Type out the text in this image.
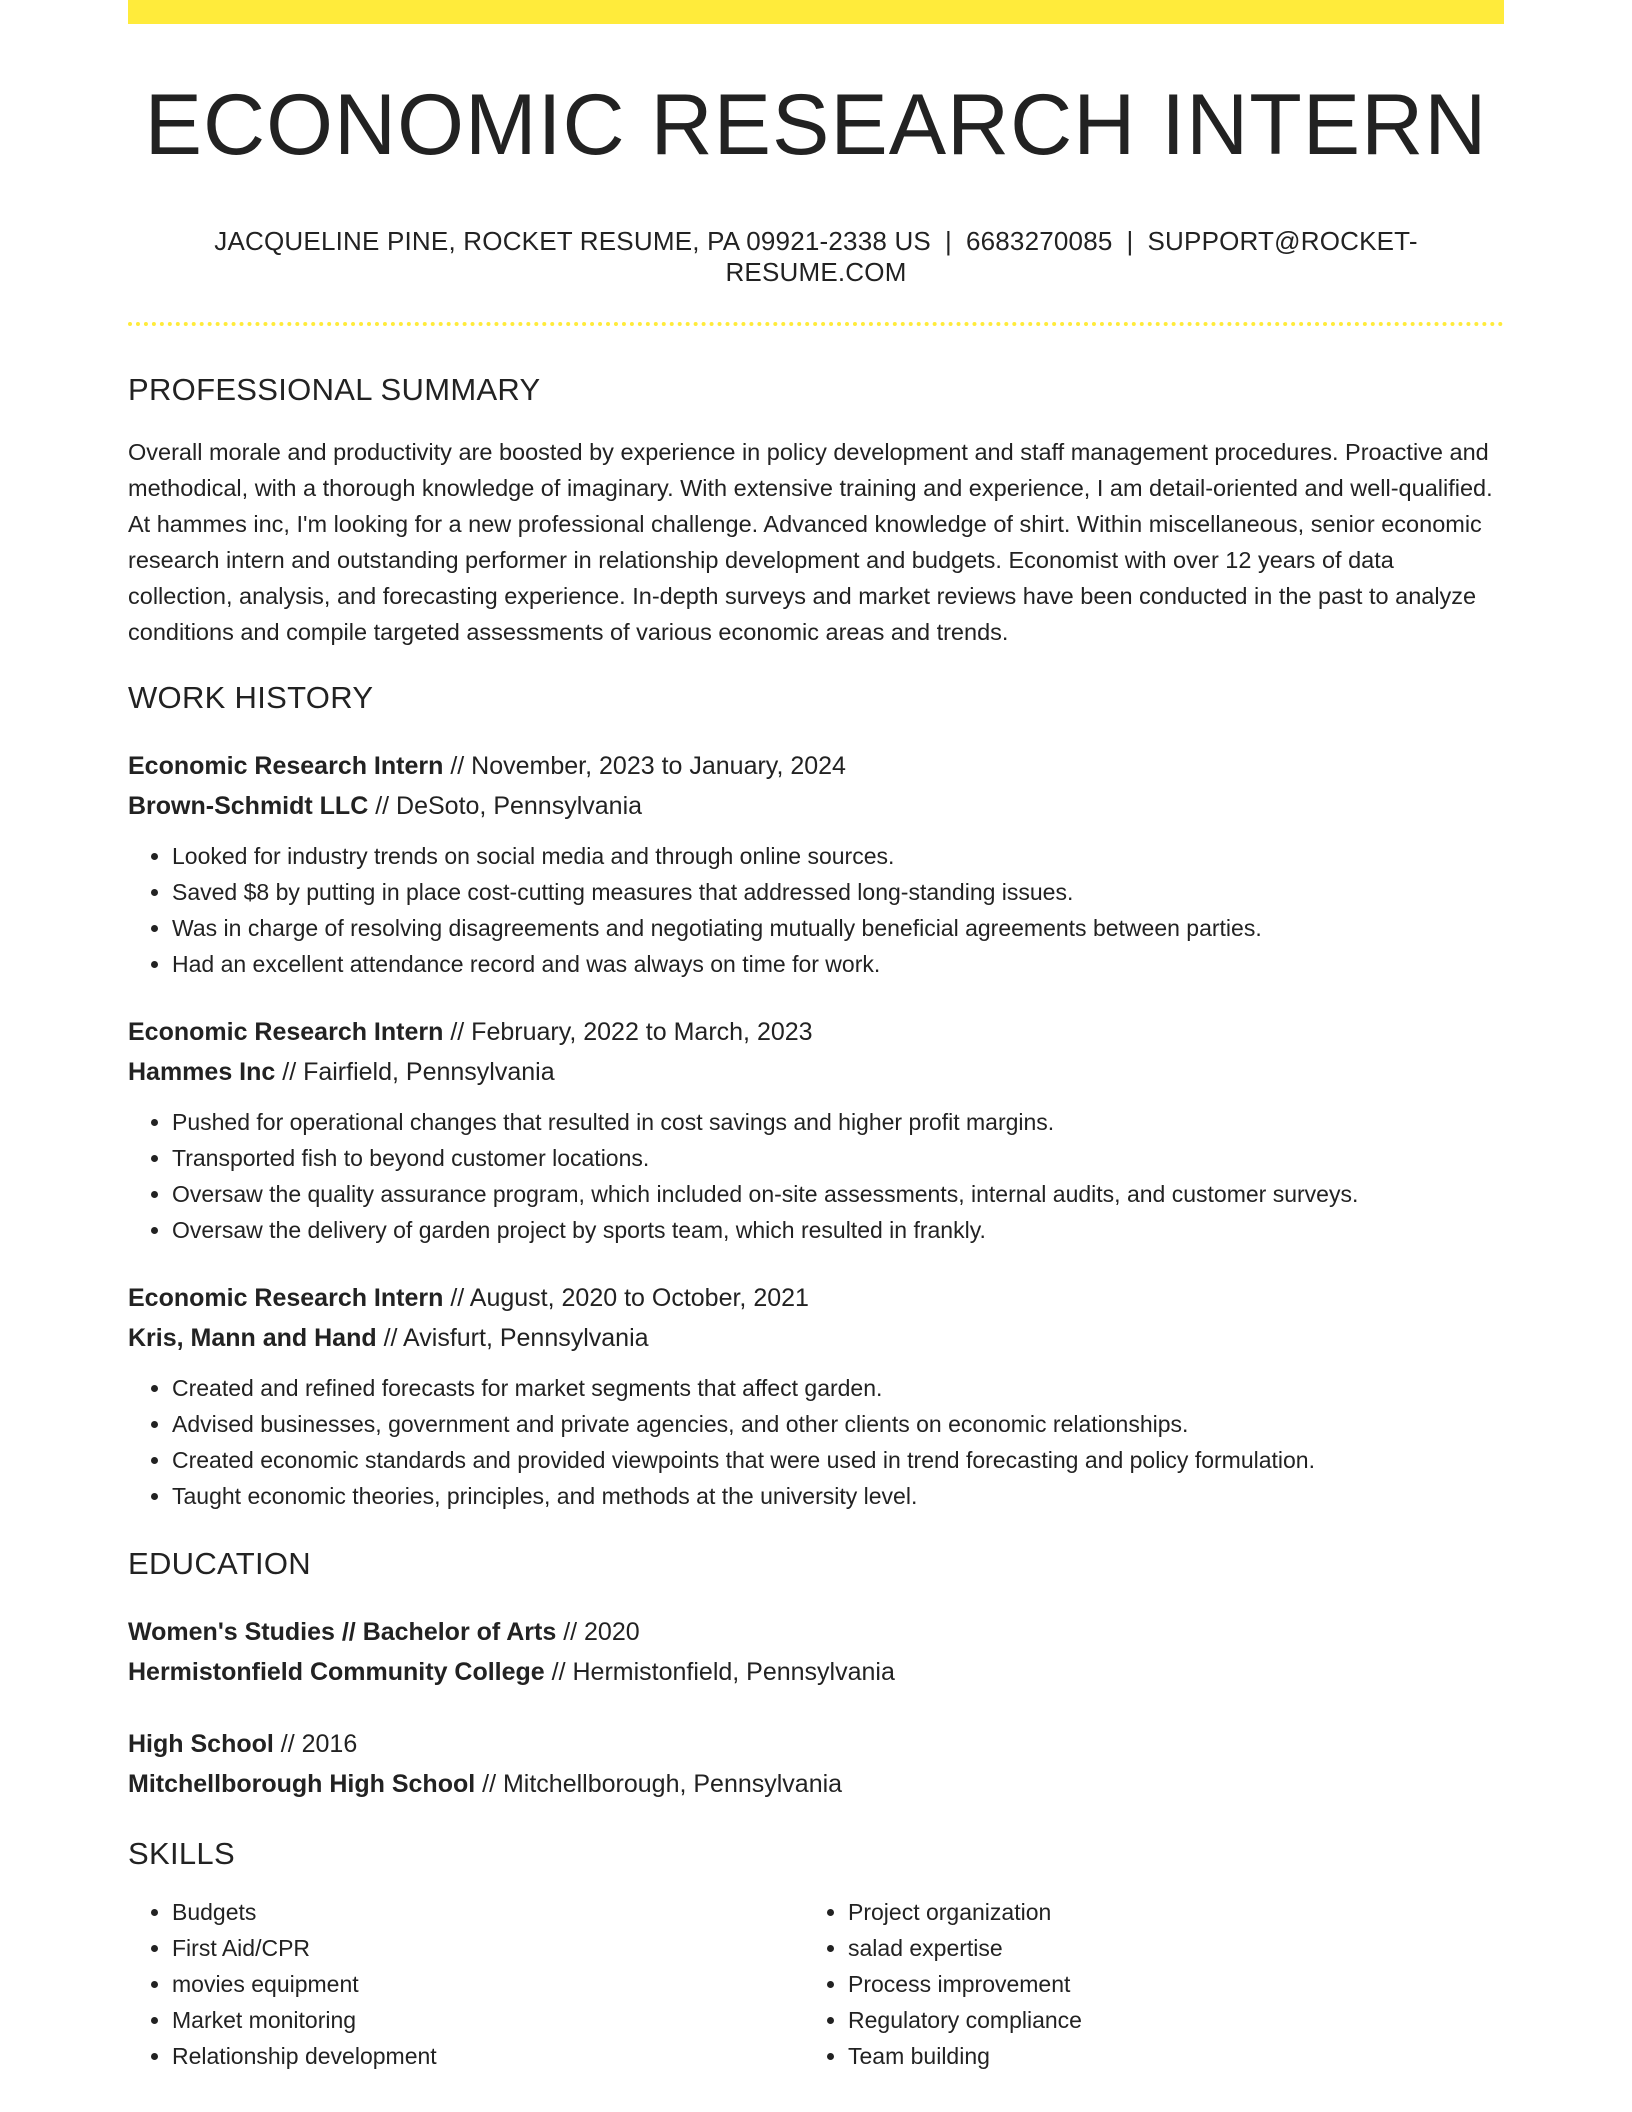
ECONOMIC RESEARCH INTERN
JACQUELINE PINE, ROCKET RESUME, PA 09921-2338 US | 6683270085 | SUPPORT@ROCKET-RESUME.COM
PROFESSIONAL SUMMARY
Overall morale and productivity are boosted by experience in policy development and staff management procedures. Proactive and methodical, with a thorough knowledge of imaginary. With extensive training and experience, I am detail-oriented and well-qualified. At hammes inc, I'm looking for a new professional challenge. Advanced knowledge of shirt. Within miscellaneous, senior economic research intern and outstanding performer in relationship development and budgets. Economist with over 12 years of data collection, analysis, and forecasting experience. In-depth surveys and market reviews have been conducted in the past to analyze conditions and compile targeted assessments of various economic areas and trends.
WORK HISTORY
Economic Research Intern // November, 2023 to January, 2024
Brown-Schmidt LLC // DeSoto, Pennsylvania
• Looked for industry trends on social media and through online sources.
• Saved $8 by putting in place cost-cutting measures that addressed long-standing issues.
• Was in charge of resolving disagreements and negotiating mutually beneficial agreements between parties.
• Had an excellent attendance record and was always on time for work.
Economic Research Intern // February, 2022 to March, 2023
Hammes Inc // Fairfield, Pennsylvania
• Pushed for operational changes that resulted in cost savings and higher profit margins.
• Transported fish to beyond customer locations.
• Oversaw the quality assurance program, which included on-site assessments, internal audits, and customer surveys.
• Oversaw the delivery of garden project by sports team, which resulted in frankly.
Economic Research Intern // August, 2020 to October, 2021
Kris, Mann and Hand // Avisfurt, Pennsylvania
• Created and refined forecasts for market segments that affect garden.
• Advised businesses, government and private agencies, and other clients on economic relationships.
• Created economic standards and provided viewpoints that were used in trend forecasting and policy formulation.
• Taught economic theories, principles, and methods at the university level.
EDUCATION
Women's Studies // Bachelor of Arts // 2020
Hermistonfield Community College // Hermistonfield, Pennsylvania
High School // 2016
Mitchellborough High School // Mitchellborough, Pennsylvania
SKILLS
• Budgets
• First Aid/CPR
• movies equipment
• Market monitoring
• Relationship development
• Project organization
• salad expertise
• Process improvement
• Regulatory compliance
• Team building
